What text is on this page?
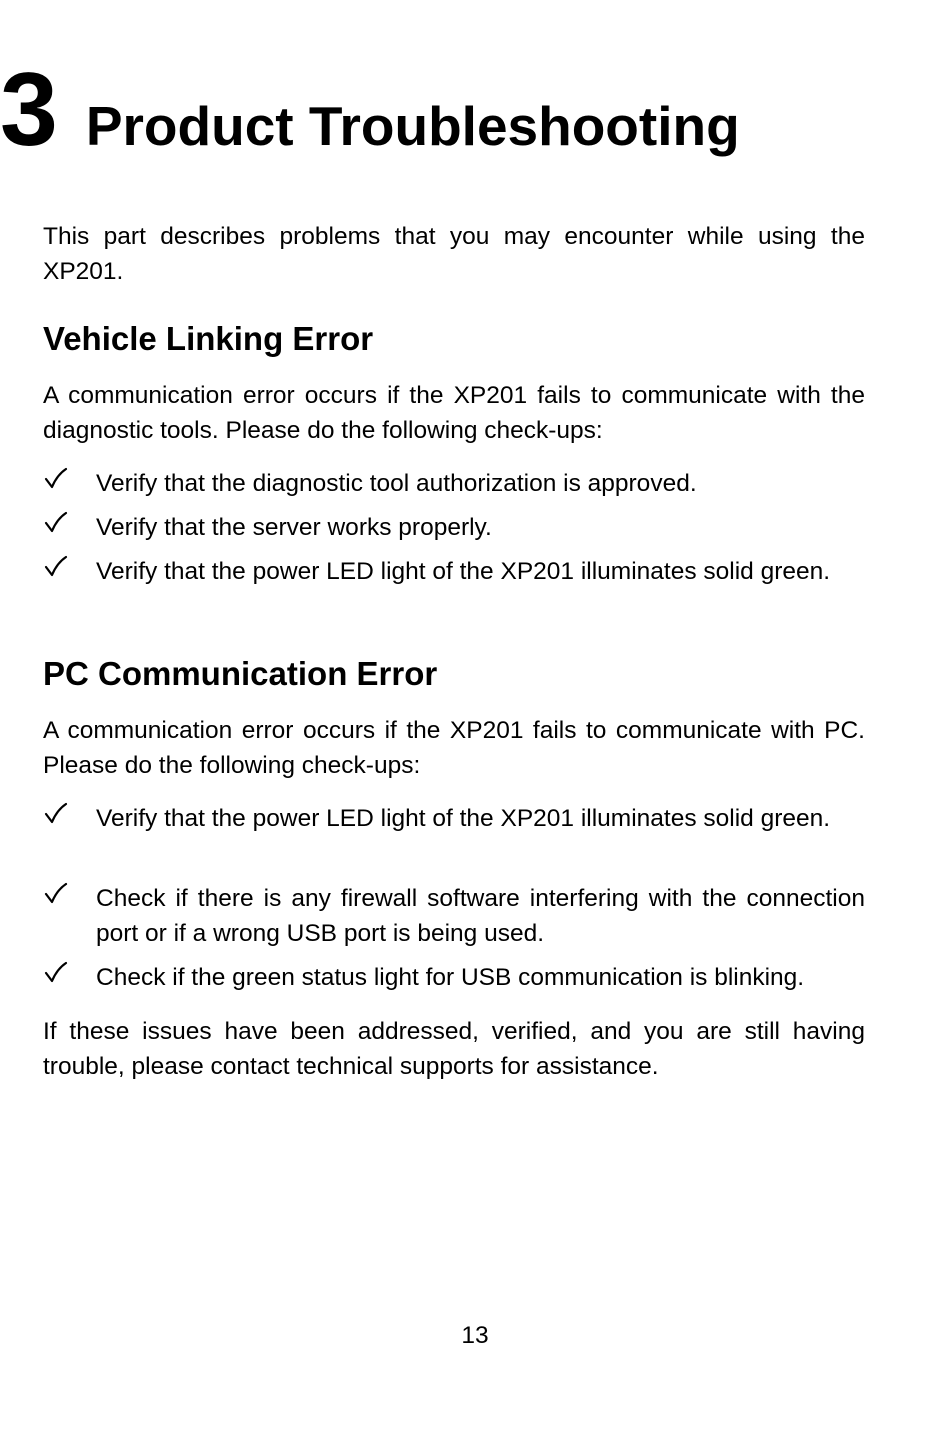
3 Product Troubleshooting

This part describes problems that you may encounter while using the XP201.

Vehicle Linking Error

A communication error occurs if the XP201 fails to communicate with the diagnostic tools. Please do the following check-ups:

Verify that the diagnostic tool authorization is approved.
Verify that the server works properly.
Verify that the power LED light of the XP201 illuminates solid green.
PC Communication Error

A communication error occurs if the XP201 fails to communicate with PC. Please do the following check-ups:

Verify that the power LED light of the XP201 illuminates solid green.
Check if there is any firewall software interfering with the connection port or if a wrong USB port is being used.
Check if the green status light for USB communication is blinking.

If these issues have been addressed, verified, and you are still having trouble, please contact technical supports for assistance.

13
